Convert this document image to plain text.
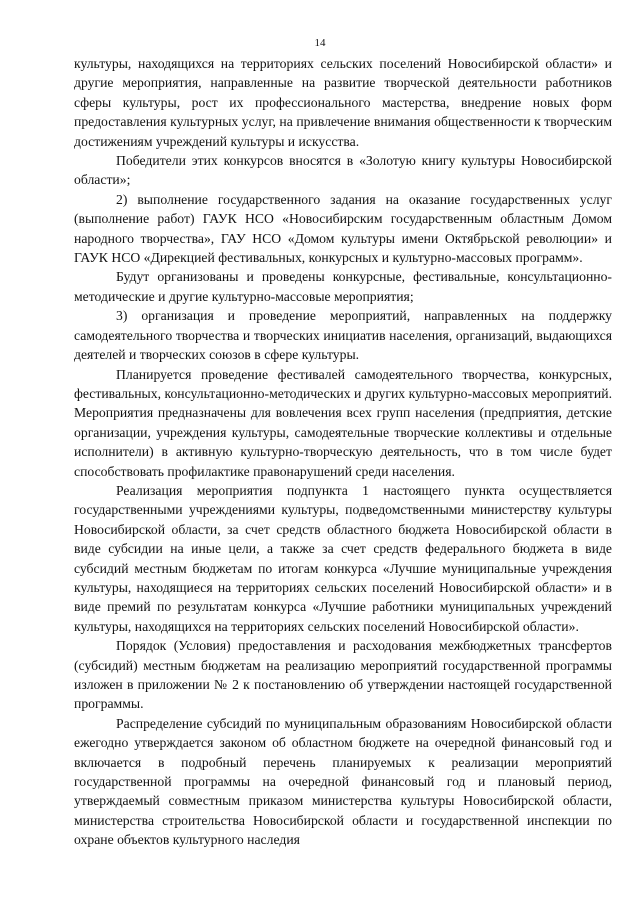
14

культуры, находящихся на территориях сельских поселений Новосибирской области» и другие мероприятия, направленные на развитие творческой деятельности работников сферы культуры, рост их профессионального мастерства, внедрение новых форм предоставления культурных услуг, на привлечение внимания общественности к творческим достижениям учреждений культуры и искусства.

Победители этих конкурсов вносятся в «Золотую книгу культуры Новосибирской области»;

2) выполнение государственного задания на оказание государственных услуг (выполнение работ) ГАУК НСО «Новосибирским государственным областным Домом народного творчества», ГАУ НСО «Домом культуры имени Октябрьской революции» и ГАУК НСО «Дирекцией фестивальных, конкурсных и культурно-массовых программ».

Будут организованы и проведены конкурсные, фестивальные, консультационно-методические и другие культурно-массовые мероприятия;

3) организация и проведение мероприятий, направленных на поддержку самодеятельного творчества и творческих инициатив населения, организаций, выдающихся деятелей и творческих союзов в сфере культуры.

Планируется проведение фестивалей самодеятельного творчества, конкурсных, фестивальных, консультационно-методических и других культурно-массовых мероприятий. Мероприятия предназначены для вовлечения всех групп населения (предприятия, детские организации, учреждения культуры, самодеятельные творческие коллективы и отдельные исполнители) в активную культурно-творческую деятельность, что в том числе будет способствовать профилактике правонарушений среди населения.

Реализация мероприятия подпункта 1 настоящего пункта осуществляется государственными учреждениями культуры, подведомственными министерству культуры Новосибирской области, за счет средств областного бюджета Новосибирской области в виде субсидии на иные цели, а также за счет средств федерального бюджета в виде субсидий местным бюджетам по итогам конкурса «Лучшие муниципальные учреждения культуры, находящиеся на территориях сельских поселений Новосибирской области» и в виде премий по результатам конкурса «Лучшие работники муниципальных учреждений культуры, находящихся на территориях сельских поселений Новосибирской области».

Порядок (Условия) предоставления и расходования межбюджетных трансфертов (субсидий) местным бюджетам на реализацию мероприятий государственной программы изложен в приложении № 2 к постановлению об утверждении настоящей государственной программы.

Распределение субсидий по муниципальным образованиям Новосибирской области ежегодно утверждается законом об областном бюджете на очередной финансовый год и включается в подробный перечень планируемых к реализации мероприятий государственной программы на очередной финансовый год и плановый период, утверждаемый совместным приказом министерства культуры Новосибирской области, министерства строительства Новосибирской области и государственной инспекции по охране объектов культурного наследия
